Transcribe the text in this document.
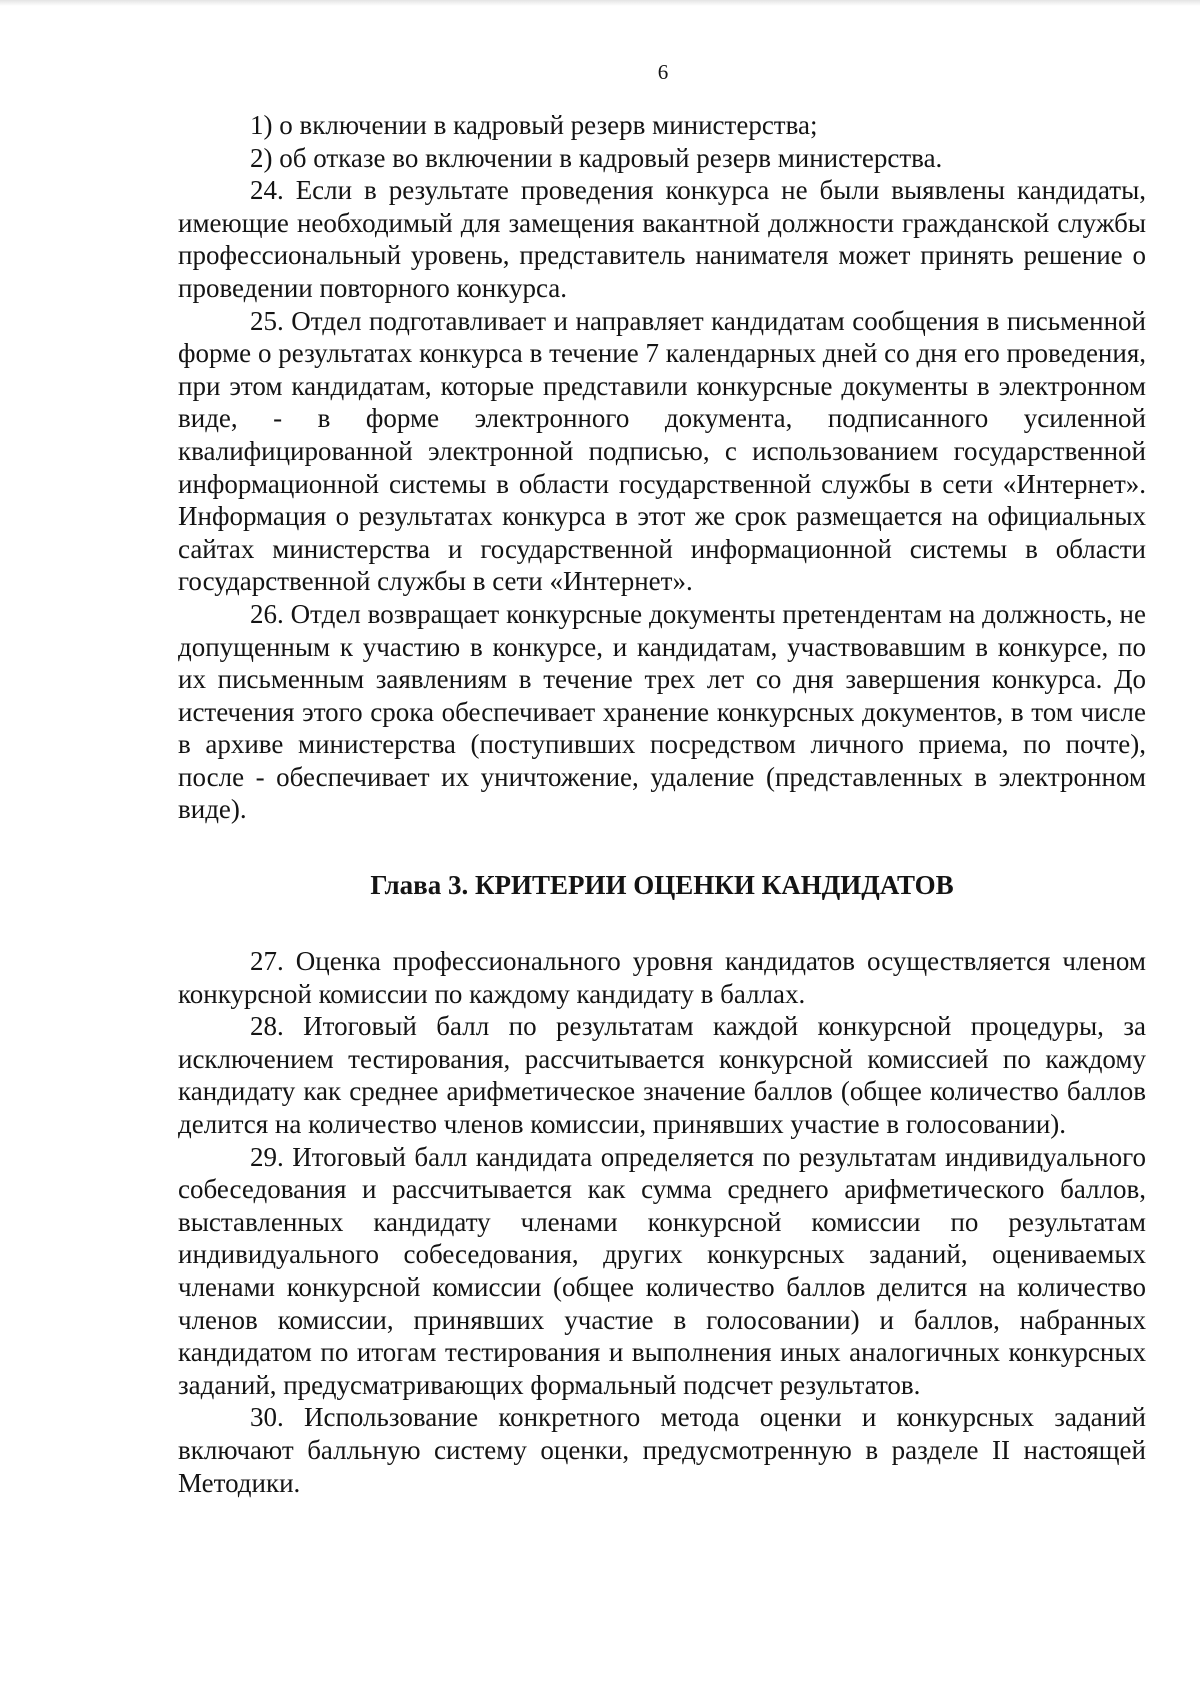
6

1) о включении в кадровый резерв министерства;

2) об отказе во включении в кадровый резерв министерства.

24. Если в результате проведения конкурса не были выявлены кандидаты, имеющие необходимый для замещения вакантной должности гражданской службы профессиональный уровень, представитель нанимателя может принять решение о проведении повторного конкурса.

25. Отдел подготавливает и направляет кандидатам сообщения в письменной форме о результатах конкурса в течение 7 календарных дней со дня его проведения, при этом кандидатам, которые представили конкурсные документы в электронном виде, - в форме электронного документа, подписанного усиленной квалифицированной электронной подписью, с использованием государственной информационной системы в области государственной службы в сети «Интернет». Информация о результатах конкурса в этот же срок размещается на официальных сайтах министерства и государственной информационной системы в области государственной службы в сети «Интернет».

26. Отдел возвращает конкурсные документы претендентам на должность, не допущенным к участию в конкурсе, и кандидатам, участвовавшим в конкурсе, по их письменным заявлениям в течение трех лет со дня завершения конкурса. До истечения этого срока обеспечивает хранение конкурсных документов, в том числе в архиве министерства (поступивших посредством личного приема, по почте), после - обеспечивает их уничтожение, удаление (представленных в электронном виде).

Глава 3. КРИТЕРИИ ОЦЕНКИ КАНДИДАТОВ

27. Оценка профессионального уровня кандидатов осуществляется членом конкурсной комиссии по каждому кандидату в баллах.

28. Итоговый балл по результатам каждой конкурсной процедуры, за исключением тестирования, рассчитывается конкурсной комиссией по каждому кандидату как среднее арифметическое значение баллов (общее количество баллов делится на количество членов комиссии, принявших участие в голосовании).

29. Итоговый балл кандидата определяется по результатам индивидуального собеседования и рассчитывается как сумма среднего арифметического баллов, выставленных кандидату членами конкурсной комиссии по результатам индивидуального собеседования, других конкурсных заданий, оцениваемых членами конкурсной комиссии (общее количество баллов делится на количество членов комиссии, принявших участие в голосовании) и баллов, набранных кандидатом по итогам тестирования и выполнения иных аналогичных конкурсных заданий, предусматривающих формальный подсчет результатов.

30. Использование конкретного метода оценки и конкурсных заданий включают балльную систему оценки, предусмотренную в разделе II настоящей Методики.
